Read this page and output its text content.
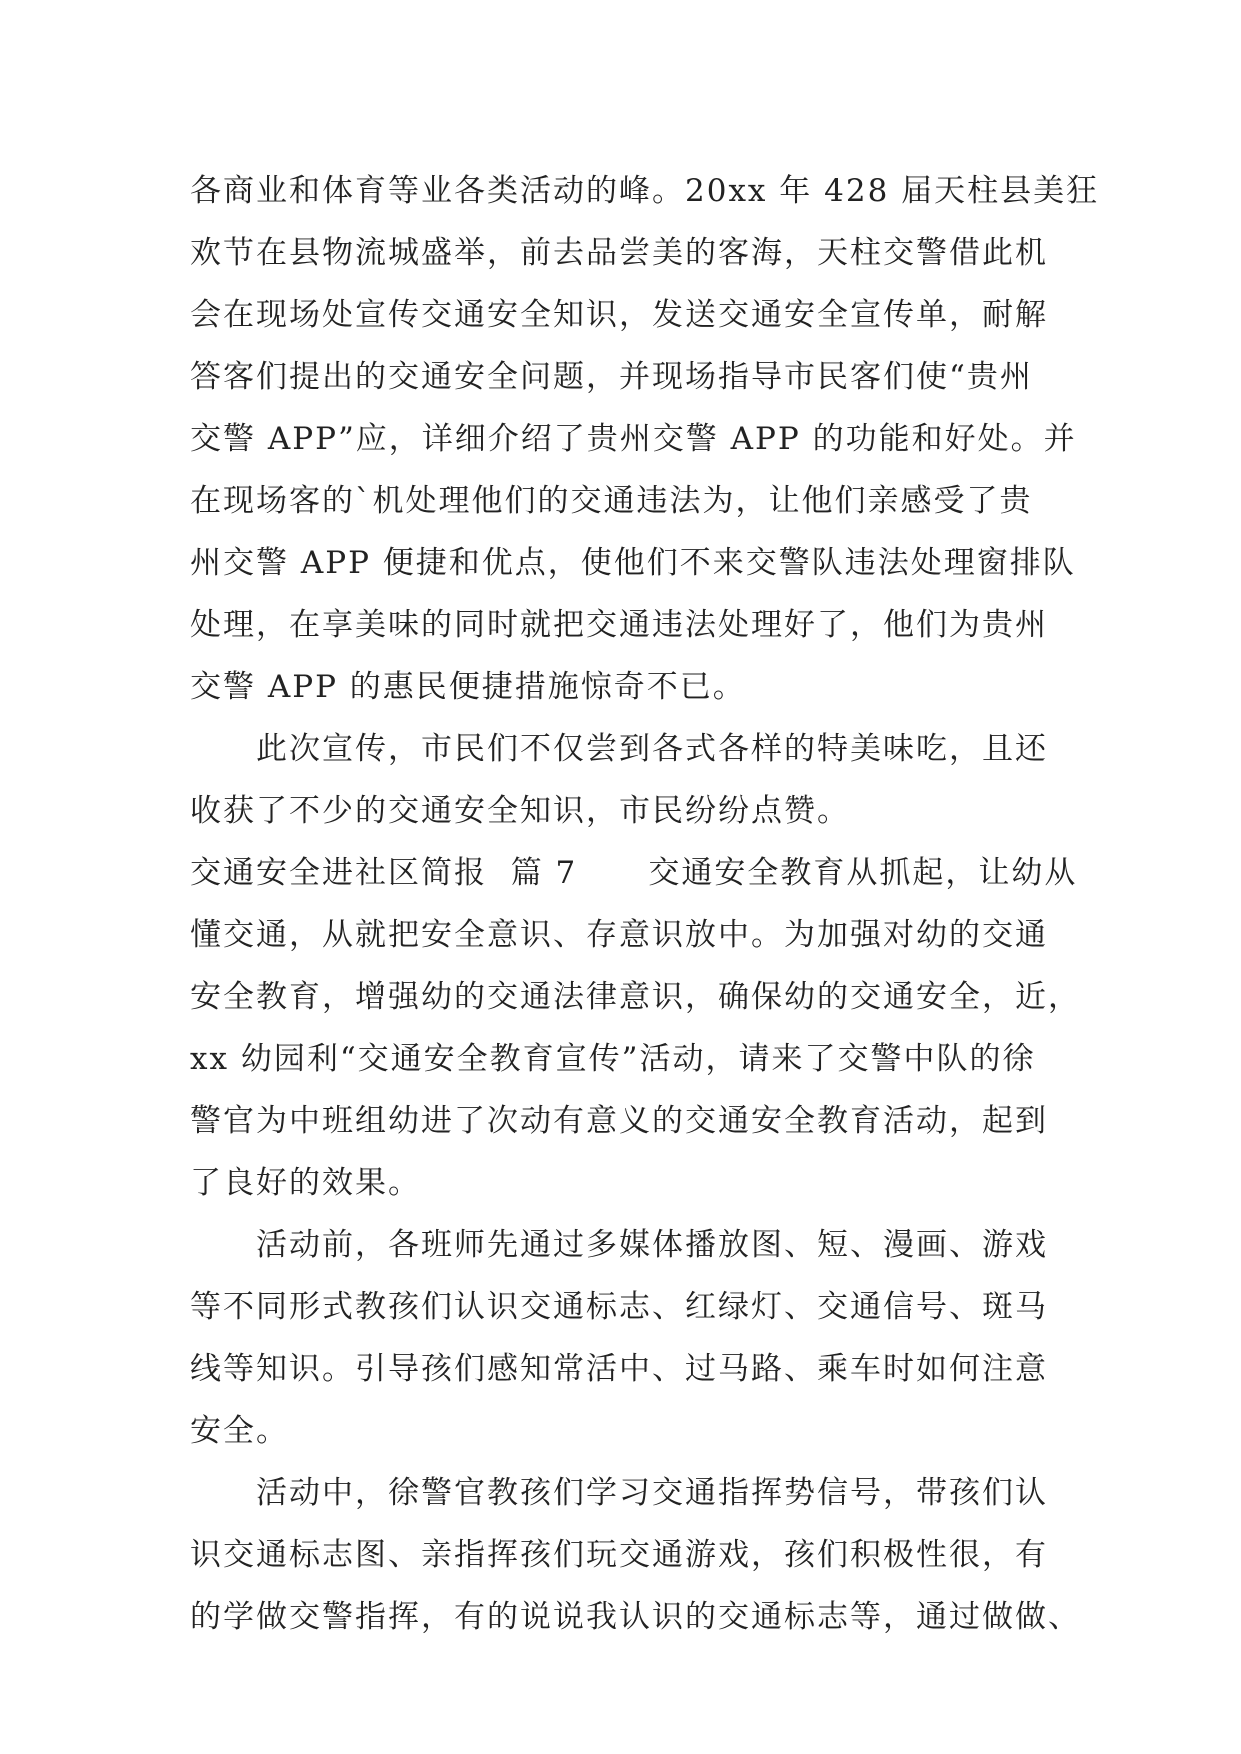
各商业和体育等业各类活动的峰。20xx 年 428 届天柱县美狂
欢节在县物流城盛举，前去品尝美的客海，天柱交警借此机
会在现场处宣传交通安全知识，发送交通安全宣传单，耐解
答客们提出的交通安全问题，并现场指导市民客们使“贵州
交警 APP”应，详细介绍了贵州交警 APP 的功能和好处。并
在现场客的`机处理他们的交通违法为，让他们亲感受了贵
州交警 APP 便捷和优点，使他们不来交警队违法处理窗排队
处理，在享美味的同时就把交通违法处理好了，他们为贵州
交警 APP 的惠民便捷措施惊奇不已。

此次宣传，市民们不仅尝到各式各样的特美味吃，且还
收获了不少的交通安全知识，市民纷纷点赞。

交通安全进社区简报  篇 7      交通安全教育从抓起，让幼从
懂交通，从就把安全意识、存意识放中。为加强对幼的交通
安全教育，增强幼的交通法律意识，确保幼的交通安全，近，
xx 幼园利“交通安全教育宣传”活动，请来了交警中队的徐
警官为中班组幼进了次动有意义的交通安全教育活动，起到
了良好的效果。

活动前，各班师先通过多媒体播放图、短、漫画、游戏
等不同形式教孩们认识交通标志、红绿灯、交通信号、斑马
线等知识。引导孩们感知常活中、过马路、乘车时如何注意
安全。

活动中，徐警官教孩们学习交通指挥势信号，带孩们认
识交通标志图、亲指挥孩们玩交通游戏，孩们积极性很，有
的学做交警指挥，有的说说我认识的交通标志等，通过做做、
